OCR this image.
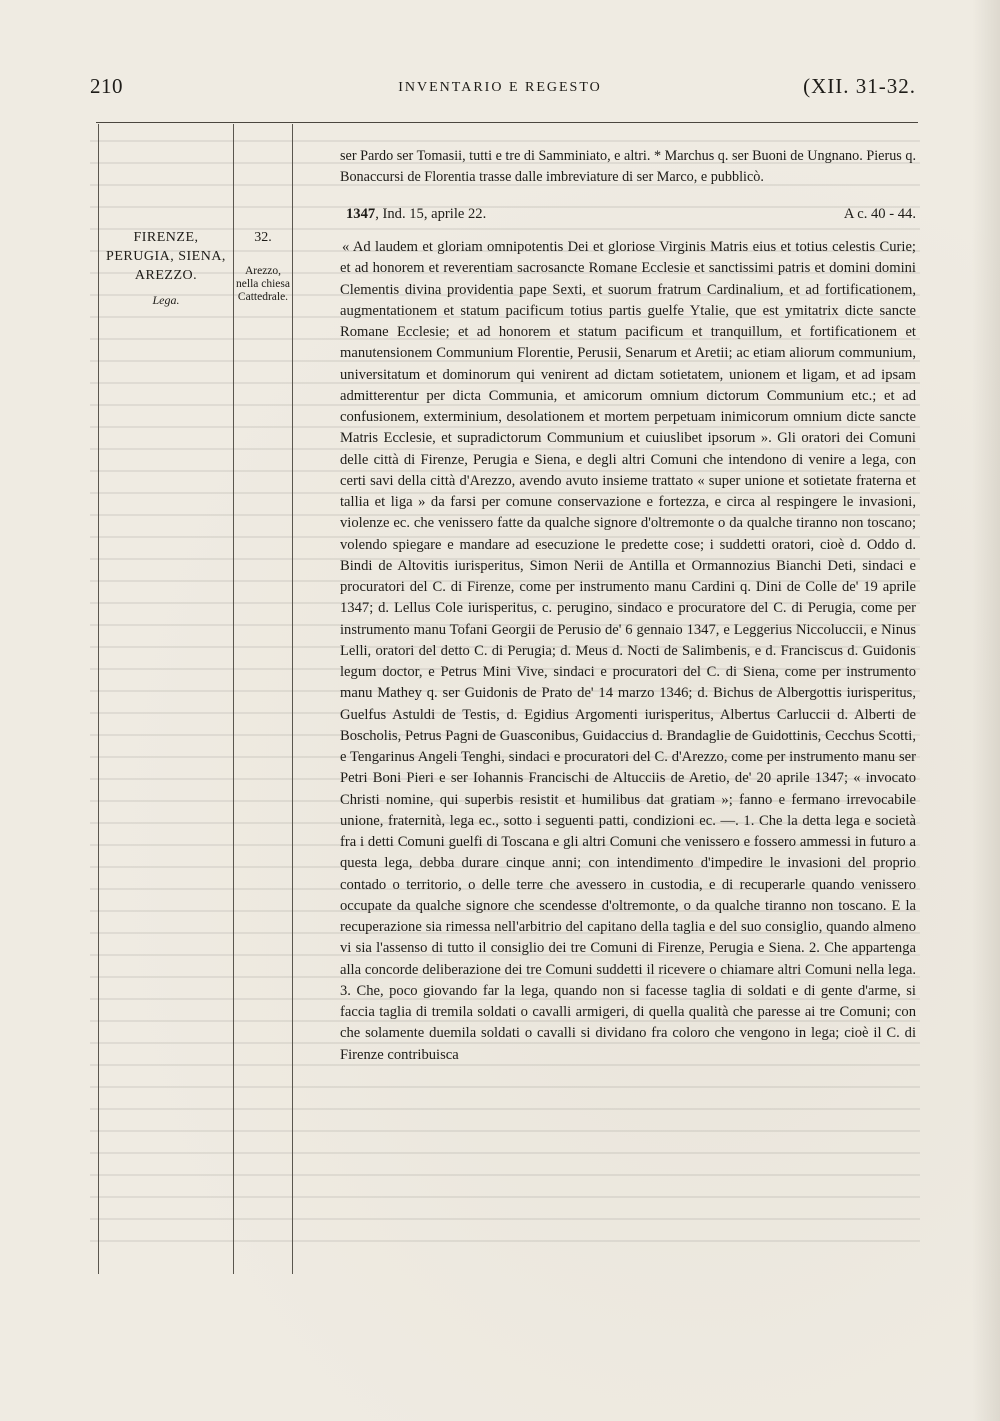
210	INVENTARIO E REGESTO	(XII. 31-32.
FIRENZE, PERUGIA, SIENA, AREZZO.
Lega.
32.
Arezzo, nella chiesa Cattedrale.

ser Pardo ser Tomasii, tutti e tre di Samminiato, e altri. * Marchus q. ser Buoni de Ungnano. Pierus q. Bonaccursi de Florentia trasse dalle imbreviature di ser Marco, e pubblicò.

1347, Ind. 15, aprile 22.	A c. 40 - 44.

« Ad laudem et gloriam omnipotentis Dei et gloriose Virginis Matris eius et totius celestis Curie; et ad honorem et reverentiam sacrosancte Romane Ecclesie et sanctissimi patris et domini domini Clementis divina providentia pape Sexti, et suorum fratrum Cardinalium, et ad fortificationem, augmentationem et statum pacificum totius partis guelfe Ytalie, que est ymitatrix dicte sancte Romane Ecclesie; et ad honorem et statum pacificum et tranquillum, et fortificationem et manutensionem Communium Florentie, Perusii, Senarum et Aretii; ac etiam aliorum communium, universitatum et dominorum qui venirent ad dictam sotietatem, unionem et ligam, et ad ipsam admitterentur per dicta Communia, et amicorum omnium dictorum Communium etc.; et ad confusionem, exterminium, desolationem et mortem perpetuam inimicorum omnium dicte sancte Matris Ecclesie, et supradictorum Communium et cuiuslibet ipsorum ». Gli oratori dei Comuni delle città di Firenze, Perugia e Siena, e degli altri Comuni che intendono di venire a lega, con certi savi della città d'Arezzo, avendo avuto insieme trattato « super unione et sotietate fraterna et tallia et liga » da farsi per comune conservazione e fortezza, e circa al respingere le invasioni, violenze ec. che venissero fatte da qualche signore d'oltremonte o da qualche tiranno non toscano; volendo spiegare e mandare ad esecuzione le predette cose; i suddetti oratori, cioè d. Oddo d. Bindi de Altovitis iurisperitus, Simon Nerii de Antilla et Ormannozius Bianchi Deti, sindaci e procuratori del C. di Firenze, come per instrumento manu Cardini q. Dini de Colle de' 19 aprile 1347; d. Lellus Cole iurisperitus, c. perugino, sindaco e procuratore del C. di Perugia, come per instrumento manu Tofani Georgii de Perusio de' 6 gennaio 1347, e Leggerius Niccoluccii, e Ninus Lelli, oratori del detto C. di Perugia; d. Meus d. Nocti de Salimbenis, e d. Franciscus d. Guidonis legum doctor, e Petrus Mini Vive, sindaci e procuratori del C. di Siena, come per instrumento manu Mathey q. ser Guidonis de Prato de' 14 marzo 1346; d. Bichus de Albergottis iurisperitus, Guelfus Astuldi de Testis, d. Egidius Argomenti iurisperitus, Albertus Carluccii d. Alberti de Boscholis, Petrus Pagni de Guasconibus, Guidaccius d. Brandaglie de Guidottinis, Cecchus Scotti, e Tengarinus Angeli Tenghi, sindaci e procuratori del C. d'Arezzo, come per instrumento manu ser Petri Boni Pieri e ser Iohannis Francischi de Altucciis de Aretio, de' 20 aprile 1347; « invocato Christi nomine, qui superbis resistit et humilibus dat gratiam »; fanno e fermano irrevocabile unione, fraternità, lega ec., sotto i seguenti patti, condizioni ec. —. 1. Che la detta lega e società fra i detti Comuni guelfi di Toscana e gli altri Comuni che venissero e fossero ammessi in futuro a questa lega, debba durare cinque anni; con intendimento d'impedire le invasioni del proprio contado o territorio, o delle terre che avessero in custodia, e di recuperarle quando venissero occupate da qualche signore che scendesse d'oltremonte, o da qualche tiranno non toscano. E la recuperazione sia rimessa nell'arbitrio del capitano della taglia e del suo consiglio, quando almeno vi sia l'assenso di tutto il consiglio dei tre Comuni di Firenze, Perugia e Siena. 2. Che appartenga alla concorde deliberazione dei tre Comuni suddetti il ricevere o chiamare altri Comuni nella lega. 3. Che, poco giovando far la lega, quando non si facesse taglia di soldati e di gente d'arme, si faccia taglia di tremila soldati o cavalli armigeri, di quella qualità che paresse ai tre Comuni; con che solamente duemila soldati o cavalli si dividano fra coloro che vengono in lega; cioè il C. di Firenze contribuisca
